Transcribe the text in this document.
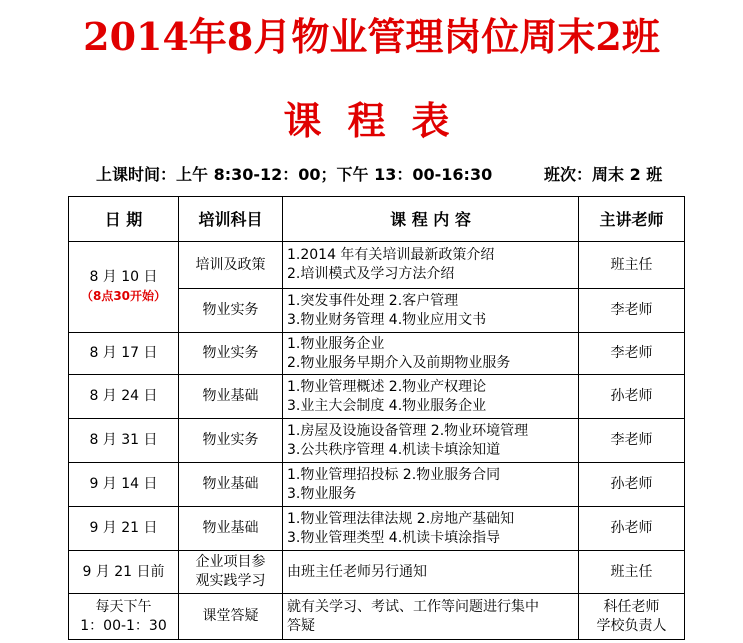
2014年8月物业管理岗位周末2班
课程表
上课时间：上午 8:30-12：00；下午 13：00-16:30	班次：周末 2 班
日 期	培训科目	课 程 内 容	主讲老师

8 月 10 日
（8点30开始）	培训及政策	1.2014 年有关培训最新政策介绍
2.培训模式及学习方法介绍	班主任
	物业实务	1.突发事件处理 2.客户管理
3.物业财务管理 4.物业应用文书	李老师
8 月 17 日	物业实务	1.物业服务企业
2.物业服务早期介入及前期物业服务	李老师
8 月 24 日	物业基础	1.物业管理概述 2.物业产权理论
3.业主大会制度 4.物业服务企业	孙老师
8 月 31 日	物业实务	1.房屋及设施设备管理 2.物业环境管理
3.公共秩序管理 4.机读卡填涂知道	李老师
9 月 14 日	物业基础	1.物业管理招投标 2.物业服务合同
3.物业服务	孙老师
9 月 21 日	物业基础	1.物业管理法律法规 2.房地产基础知
3.物业管理类型 4.机读卡填涂指导	孙老师
9 月 21 日前	企业项目参
观实践学习	由班主任老师另行通知	班主任

每天下午
1：00-1：30	课堂答疑	就有关学习、考试、工作等问题进行集中
答疑	科任老师
学校负责人
